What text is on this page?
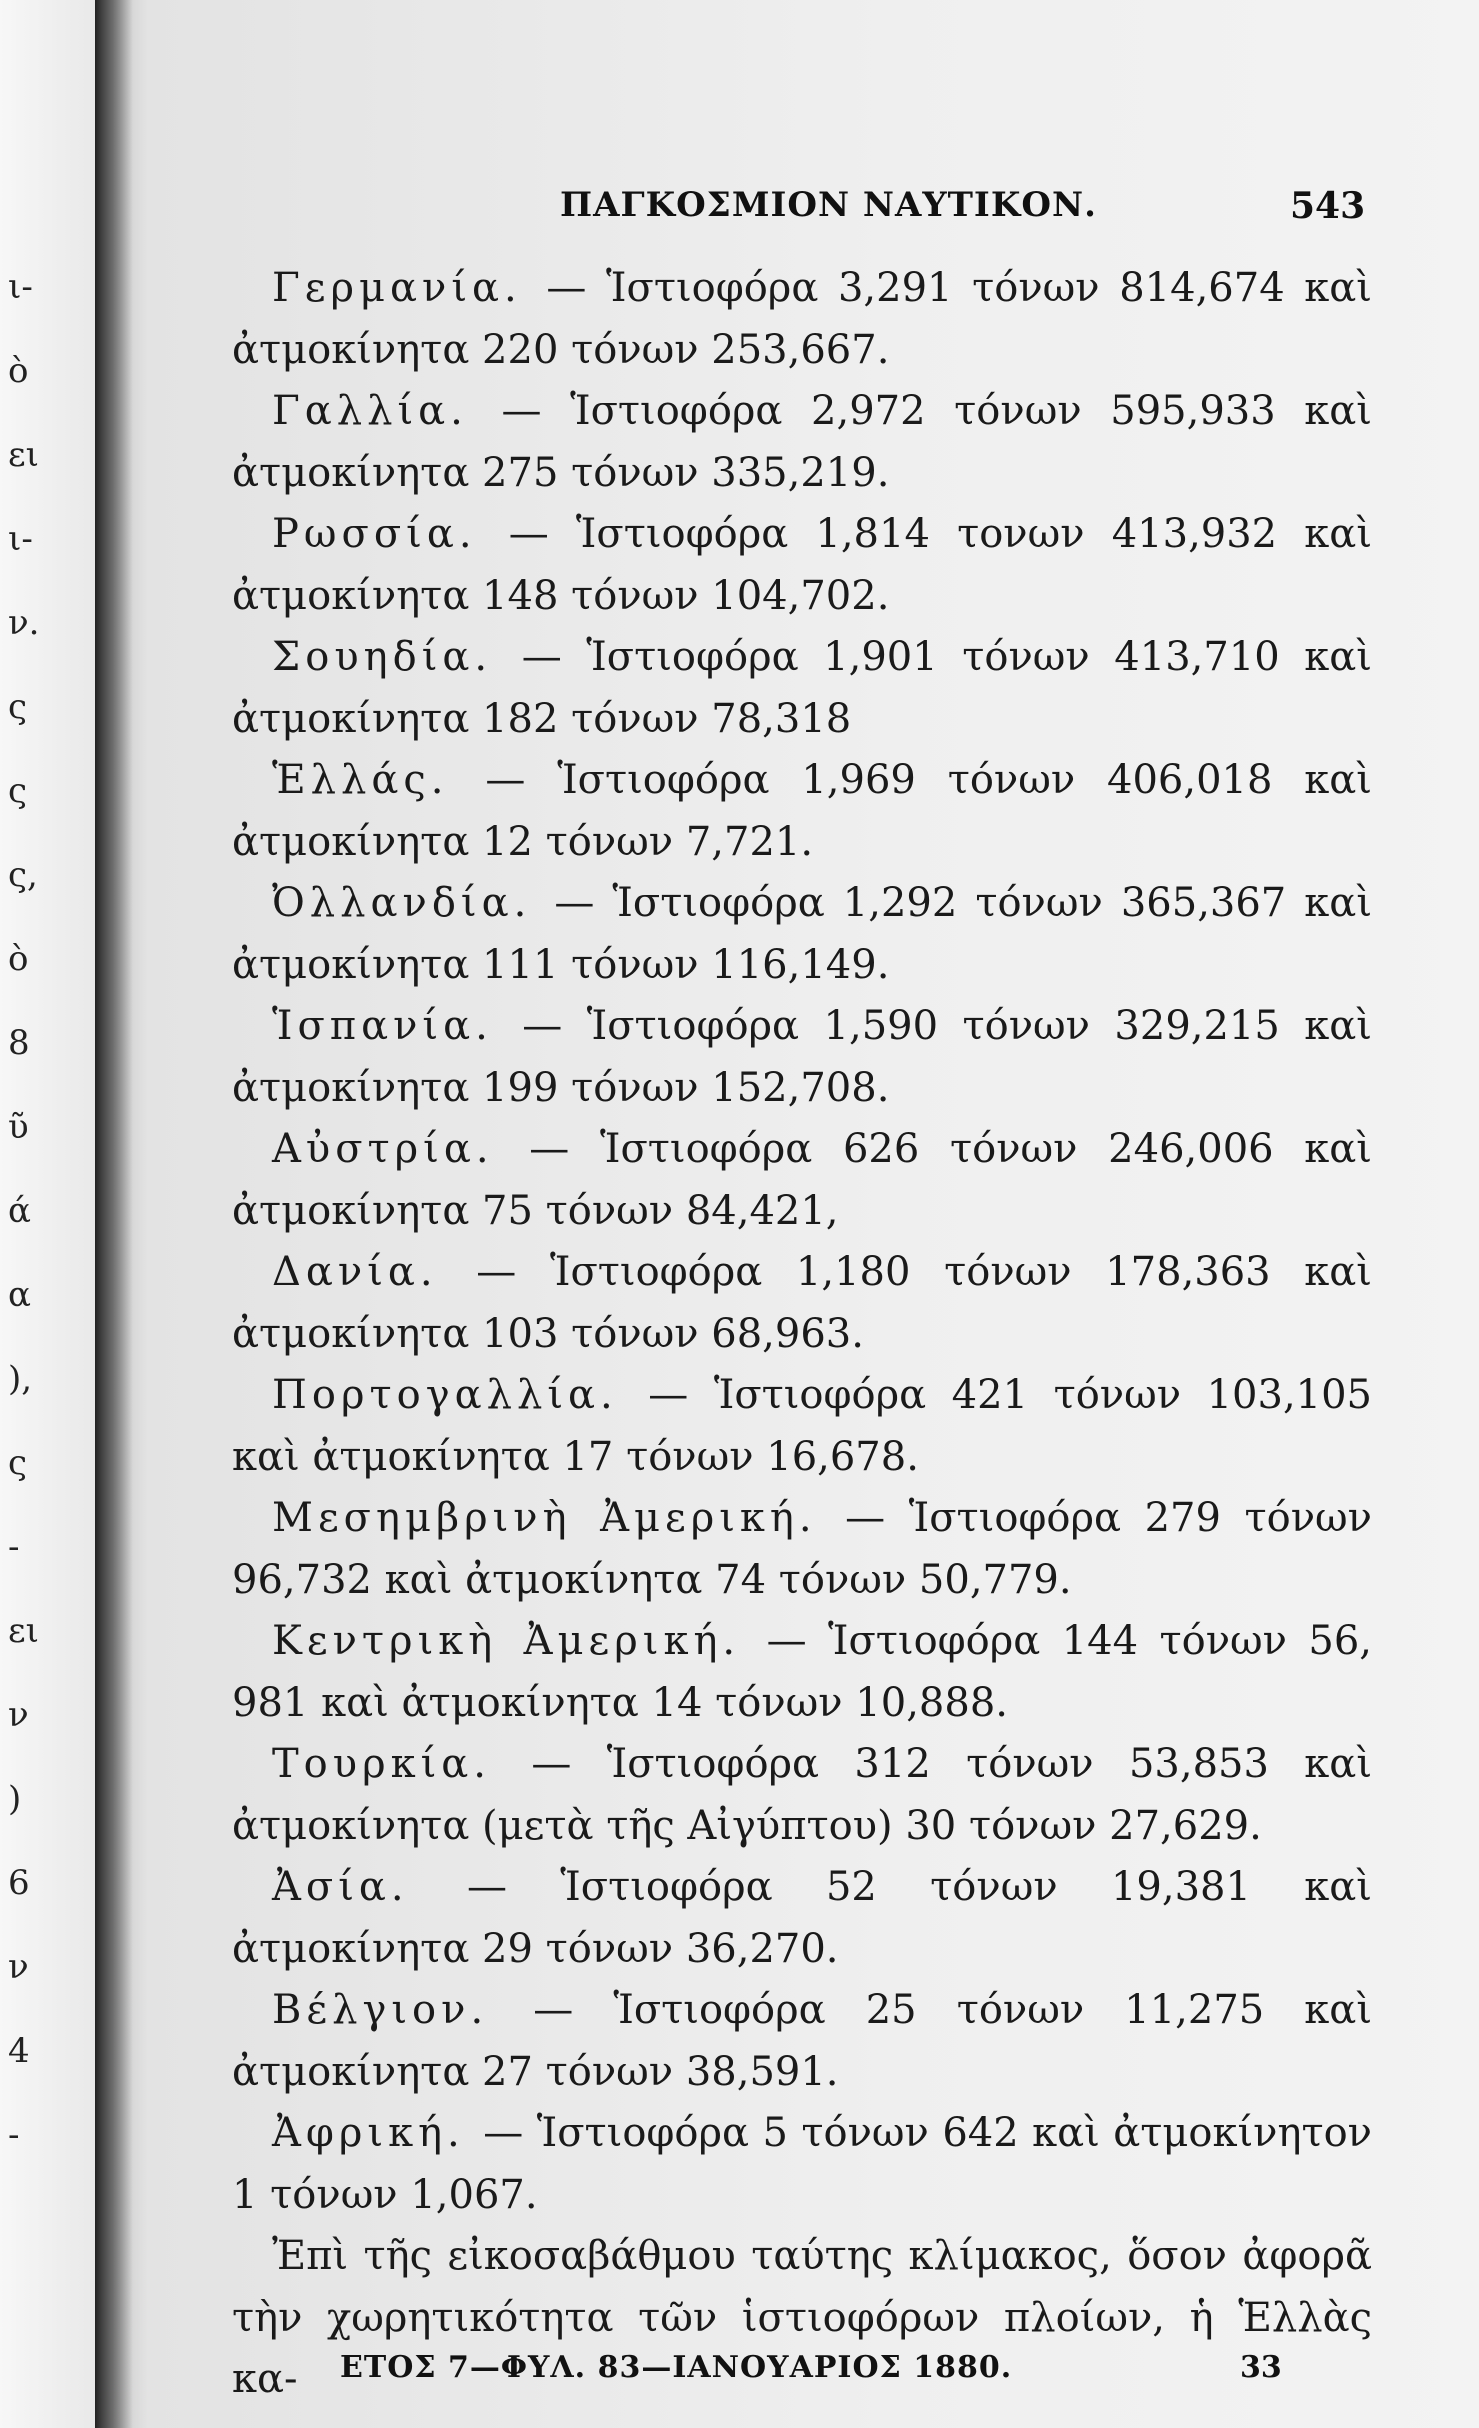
ι-
ὸ
ει
ι-
ν.
ς
ς
ς,
ὸ
8
ῦ
ά
α
),
ς
-
ει
ν
)
6
ν
4
-
ΠΑΓΚΟΣΜΙΟΝ ΝΑΥΤΙΚΟΝ.	543

Γερμανία. — Ἱστιοφόρα 3,291 τόνων 814,674 καὶ ἀτμοκίνητα 220 τόνων 253,667.

Γαλλία. — Ἱστιοφόρα 2,972 τόνων 595,933 καὶ ἀτμοκίνητα 275 τόνων 335,219.

Ρωσσία. — Ἱστιοφόρα 1,814 τονων 413,932 καὶ ἀτμοκίνητα 148 τόνων 104,702.

Σουηδία. — Ἱστιοφόρα 1,901 τόνων 413,710 καὶ ἀτμοκίνητα 182 τόνων 78,318

Ἑλλάς. — Ἱστιοφόρα 1,969 τόνων 406,018 καὶ ἀτμοκίνητα 12 τόνων 7,721.

Ὀλλανδία. — Ἱστιοφόρα 1,292 τόνων 365,367 καὶ ἀτμοκίνητα 111 τόνων 116,149.

Ἱσπανία. — Ἱστιοφόρα 1,590 τόνων 329,215 καὶ ἀτμοκίνητα 199 τόνων 152,708.

Αὐστρία. — Ἱστιοφόρα 626 τόνων 246,006 καὶ ἀτμοκίνητα 75 τόνων 84,421,

Δανία. — Ἱστιοφόρα 1,180 τόνων 178,363 καὶ ἀτμοκίνητα 103 τόνων 68,963.

Πορτογαλλία. — Ἱστιοφόρα 421 τόνων 103,105 καὶ ἀτμοκίνητα 17 τόνων 16,678.

Μεσημβρινὴ Ἀμερική. — Ἱστιοφόρα 279 τόνων 96,732 καὶ ἀτμοκίνητα 74 τόνων 50,779.

Κεντρικὴ Ἀμερική. — Ἱστιοφόρα 144 τόνων 56, 981 καὶ ἀτμοκίνητα 14 τόνων 10,888.

Τουρκία. — Ἱστιοφόρα 312 τόνων 53,853 καὶ ἀτμοκίνητα (μετὰ τῆς Αἰγύπτου) 30 τόνων 27,629.

Ἀσία. — Ἱστιοφόρα 52 τόνων 19,381 καὶ ἀτμοκίνητα 29 τόνων 36,270.

Βέλγιον. — Ἱστιοφόρα 25 τόνων 11,275 καὶ ἀτμοκίνητα 27 τόνων 38,591.

Ἀφρική. — Ἱστιοφόρα 5 τόνων 642 καὶ ἀτμοκίνητον 1 τόνων 1,067.

Ἐπὶ τῆς εἰκοσαβάθμου ταύτης κλίμακος, ὅσον ἀφορᾶ τὴν χωρητικότητα τῶν ἱστιοφόρων πλοίων, ἡ Ἑλλὰς κα-	ΕΤΟΣ 7—ΦΥΛ. 83—ΙΑΝΟΥΑΡΙΟΣ 1880.	33
